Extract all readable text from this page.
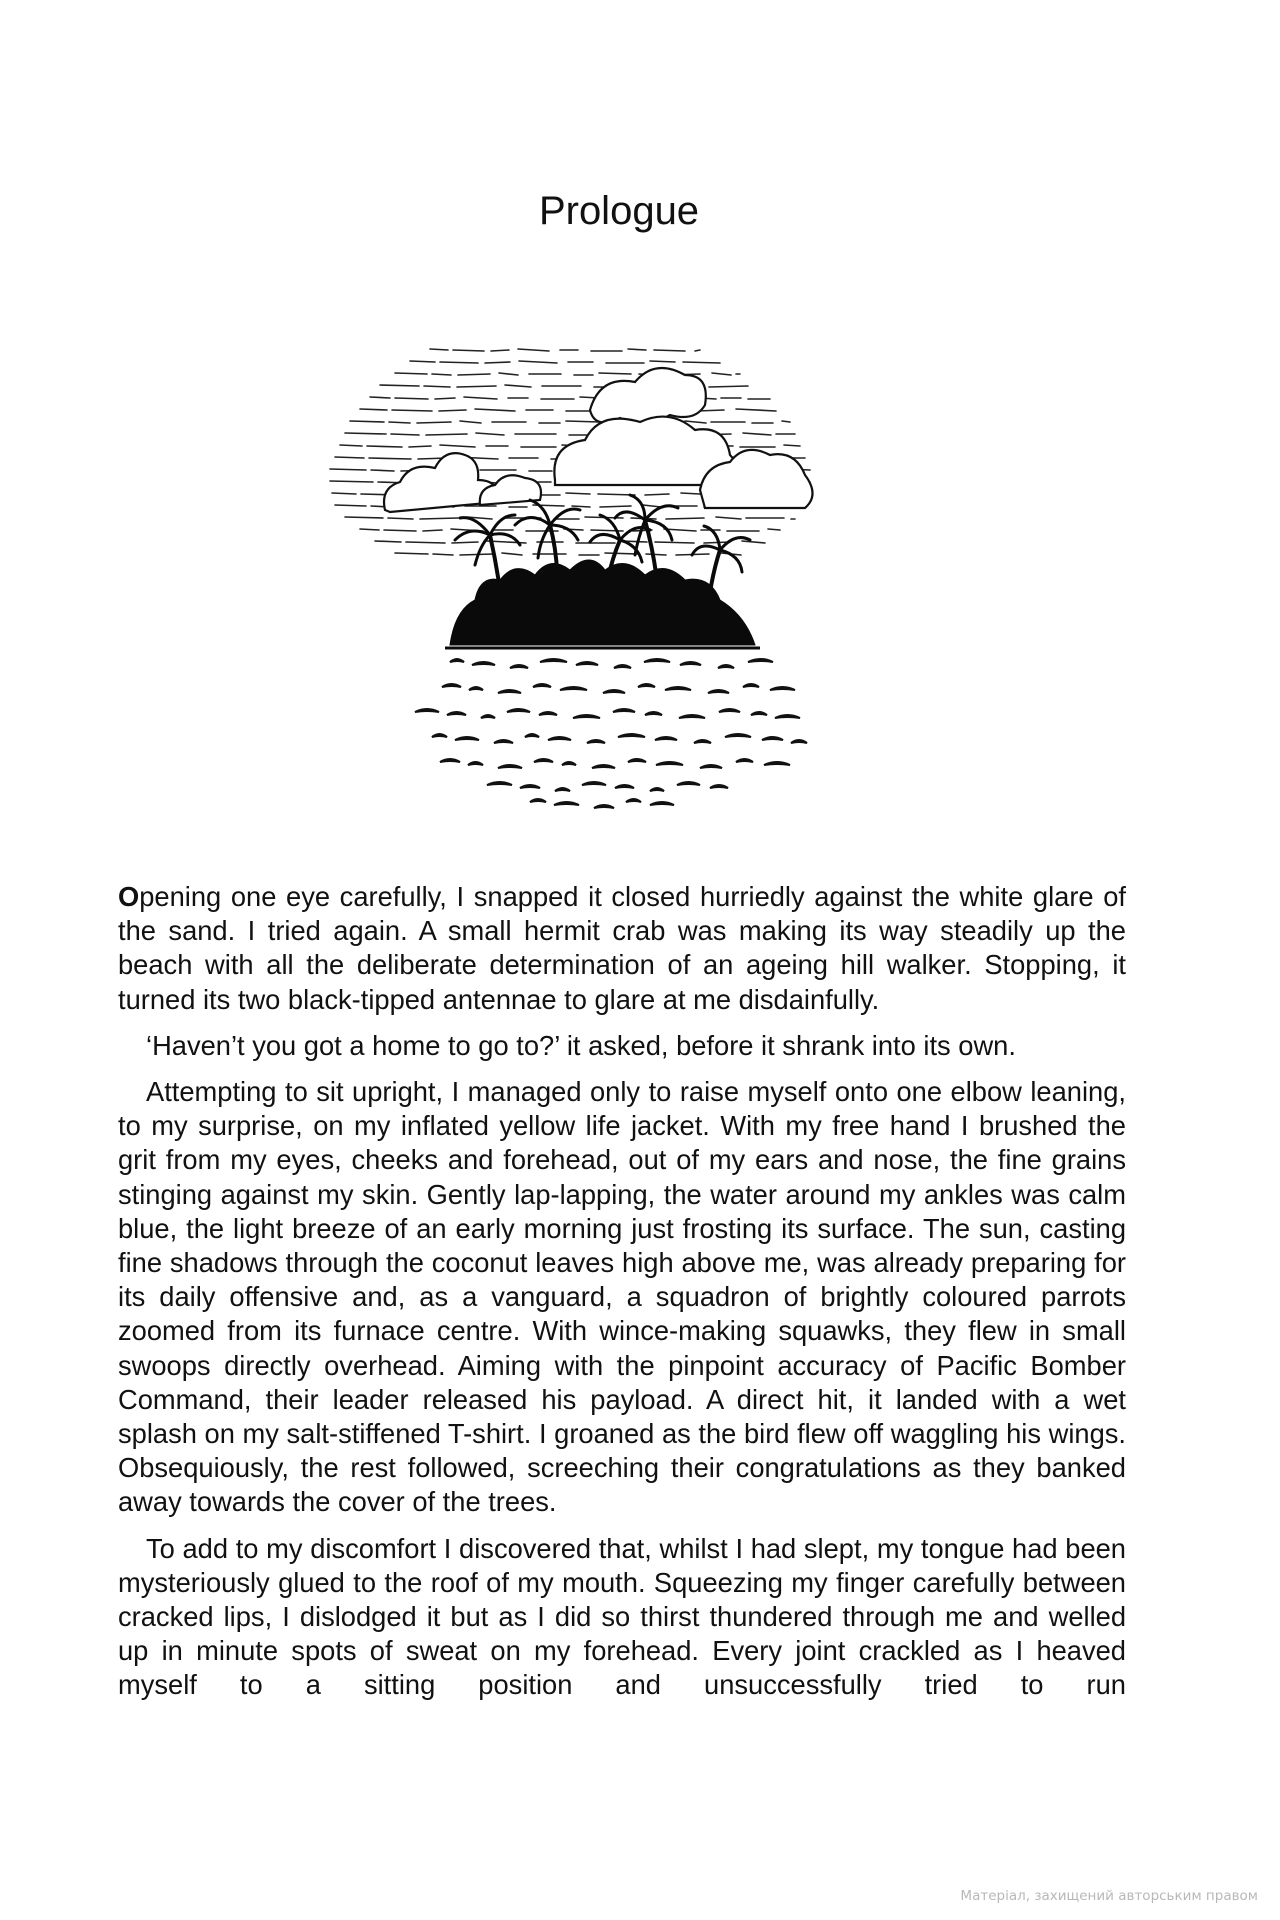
Prologue

Opening one eye carefully, I snapped it closed hurriedly against the white glare of the sand. I tried again. A small hermit crab was making its way steadily up the beach with all the deliberate determination of an ageing hill walker. Stopping, it turned its two black-tipped antennae to glare at me disdainfully.

‘Haven’t you got a home to go to?’ it asked, before it shrank into its own.

Attempting to sit upright, I managed only to raise myself onto one elbow leaning, to my surprise, on my inflated yellow life jacket. With my free hand I brushed the grit from my eyes, cheeks and forehead, out of my ears and nose, the fine grains stinging against my skin. Gently lap-lapping, the water around my ankles was calm blue, the light breeze of an early morning just frosting its surface. The sun, casting fine shadows through the coconut leaves high above me, was already preparing for its daily offensive and, as a vanguard, a squadron of brightly coloured parrots zoomed from its furnace centre. With wince-making squawks, they flew in small swoops directly overhead. Aiming with the pinpoint accuracy of Pacific Bomber Command, their leader released his payload. A direct hit, it landed with a wet splash on my salt-stiffened T-shirt. I groaned as the bird flew off waggling his wings. Obsequiously, the rest followed, screeching their congratulations as they banked away towards the cover of the trees.

To add to my discomfort I discovered that, whilst I had slept, my tongue had been mysteriously glued to the roof of my mouth. Squeezing my finger carefully between cracked lips, I dislodged it but as I did so thirst thundered through me and welled up in minute spots of sweat on my forehead. Every joint crackled as I heaved myself to a sitting position and unsuccessfully tried to run

Матеріал, захищений авторським правом
